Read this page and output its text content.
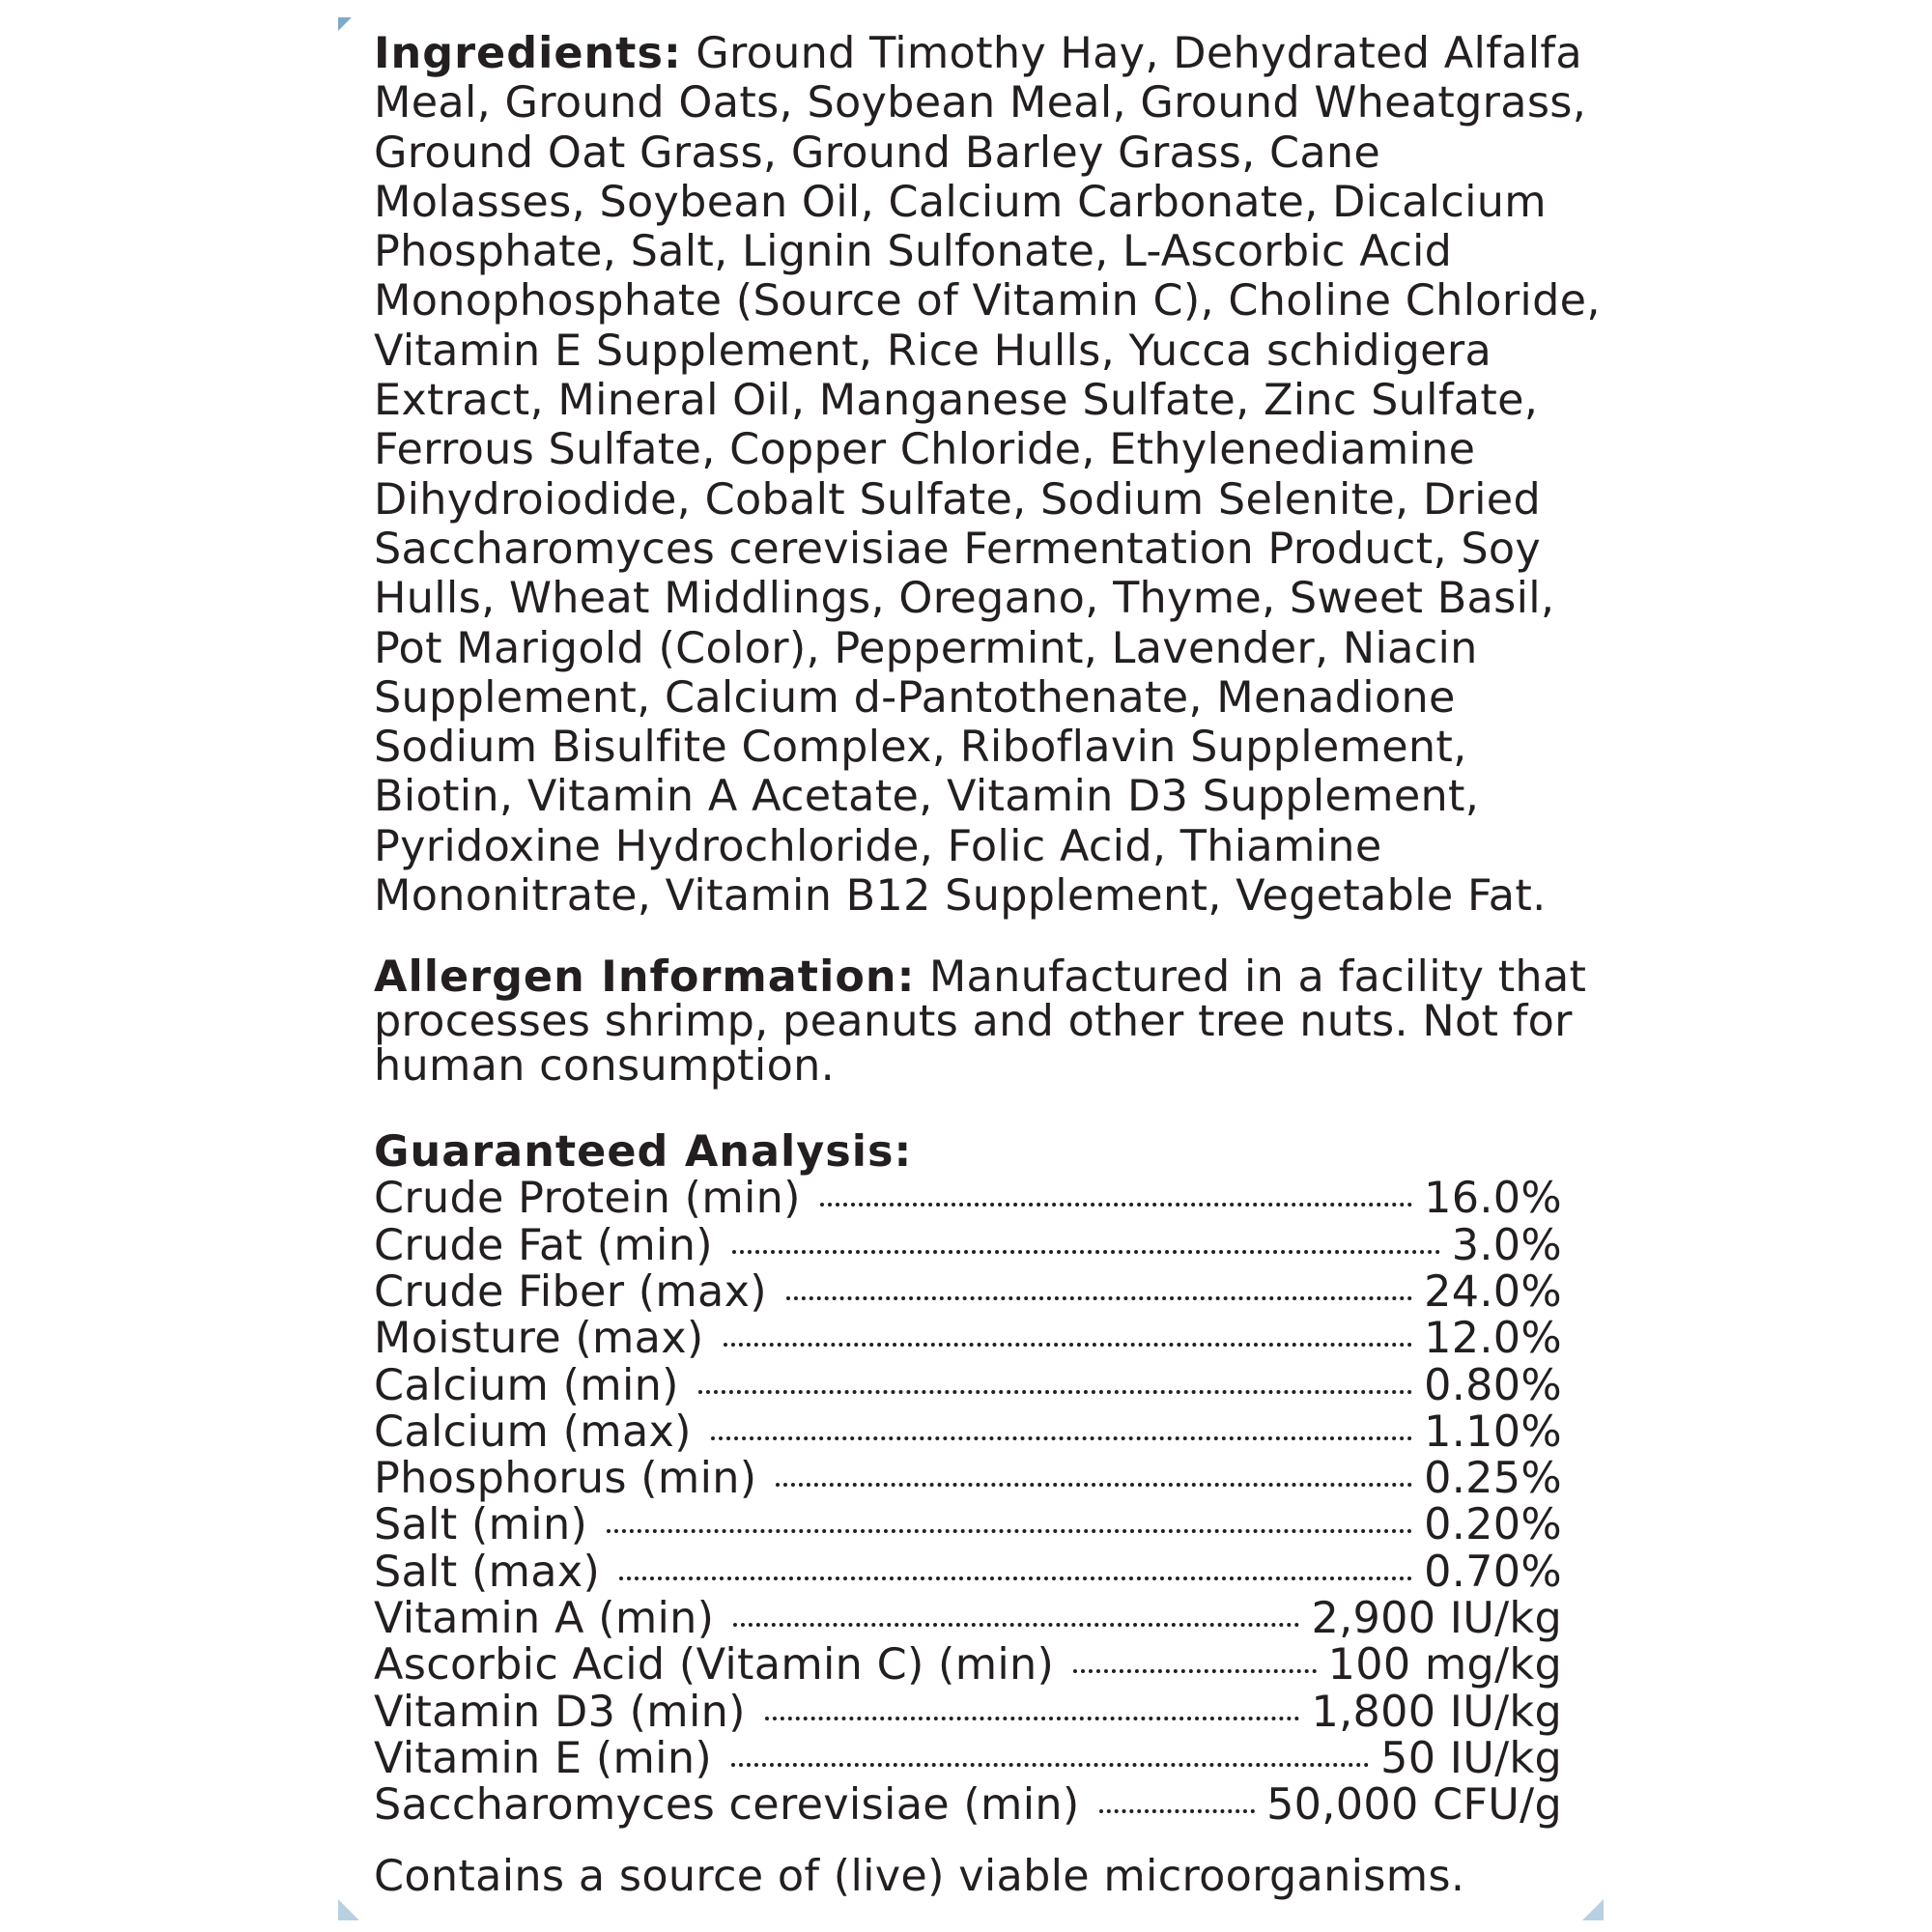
Ingredients: Ground Timothy Hay, Dehydrated Alfalfa Meal, Ground Oats, Soybean Meal, Ground Wheatgrass, Ground Oat Grass, Ground Barley Grass, Cane Molasses, Soybean Oil, Calcium Carbonate, Dicalcium Phosphate, Salt, Lignin Sulfonate, L-Ascorbic Acid Monophosphate (Source of Vitamin C), Choline Chloride, Vitamin E Supplement, Rice Hulls, Yucca schidigera Extract, Mineral Oil, Manganese Sulfate, Zinc Sulfate, Ferrous Sulfate, Copper Chloride, Ethylenediamine Dihydroiodide, Cobalt Sulfate, Sodium Selenite, Dried Saccharomyces cerevisiae Fermentation Product, Soy Hulls, Wheat Middlings, Oregano, Thyme, Sweet Basil, Pot Marigold (Color), Peppermint, Lavender, Niacin Supplement, Calcium d-Pantothenate, Menadione Sodium Bisulfite Complex, Riboflavin Supplement, Biotin, Vitamin A Acetate, Vitamin D3 Supplement, Pyridoxine Hydrochloride, Folic Acid, Thiamine Mononitrate, Vitamin B12 Supplement, Vegetable Fat.

Allergen Information: Manufactured in a facility that processes shrimp, peanuts and other tree nuts. Not for human consumption.

Guaranteed Analysis:
Crude Protein (min)	16.0%
Crude Fat (min)	3.0%
Crude Fiber (max)	24.0%
Moisture (max)	12.0%
Calcium (min)	0.80%
Calcium (max)	1.10%
Phosphorus (min)	0.25%
Salt (min)	0.20%
Salt (max)	0.70%
Vitamin A (min)	2,900 IU/kg
Ascorbic Acid (Vitamin C) (min)	100 mg/kg
Vitamin D3 (min)	1,800 IU/kg
Vitamin E (min)	50 IU/kg
Saccharomyces cerevisiae (min)	50,000 CFU/g
Contains a source of (live) viable microorganisms.
